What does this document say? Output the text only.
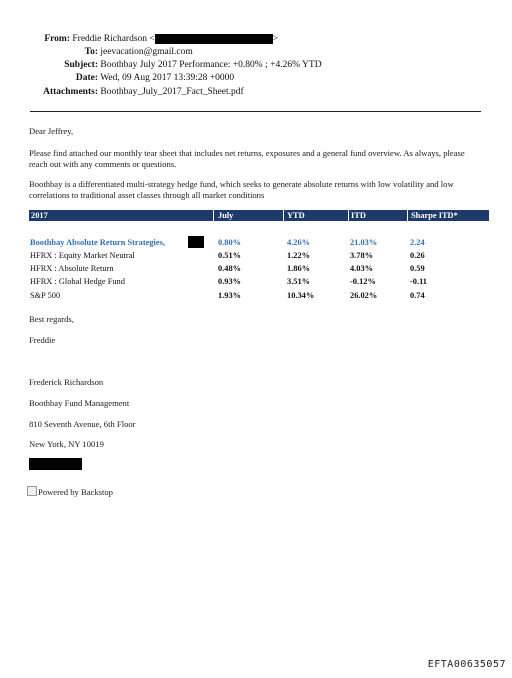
From: Freddie Richardson <	>
To: jeevacation@gmail.com
Subject: Boothbay July 2017 Performance: +0.80% ; +4.26% YTD
Date: Wed, 09 Aug 2017 13:39:28 +0000
Attachments: Boothbay_July_2017_Fact_Sheet.pdf
Dear Jeffrey,
Please find attached our monthly tear sheet that includes net returns, exposures and a general fund overview. As always, please reach out with any comments or questions.
Boothbay is a differentiated multi-strategy hedge fund, which seeks to generate absolute returns with low volatility and low correlations to traditional asset classes through all market conditions
2017	July	YTD	ITD	Sharpe ITD*
Boothbay Absolute Return Strategies,	0.80%	4.26%	21.03%	2.24
HFRX : Equity Market Neutral	0.51%	1.22%	3.78%	0.26
HFRX : Absolute Return	0.48%	1.86%	4.03%	0.59
HFRX : Global Hedge Fund	0.93%	3.51%	-0.12%	-0.11
S&P 500	1.93%	10.34%	26.02%	0.74
Best regards,
Freddie
Frederick Richardson
Boothbay Fund Management
810 Seventh Avenue, 6th Floor
New York, NY 10019
Powered by Backstop
EFTA00635057
